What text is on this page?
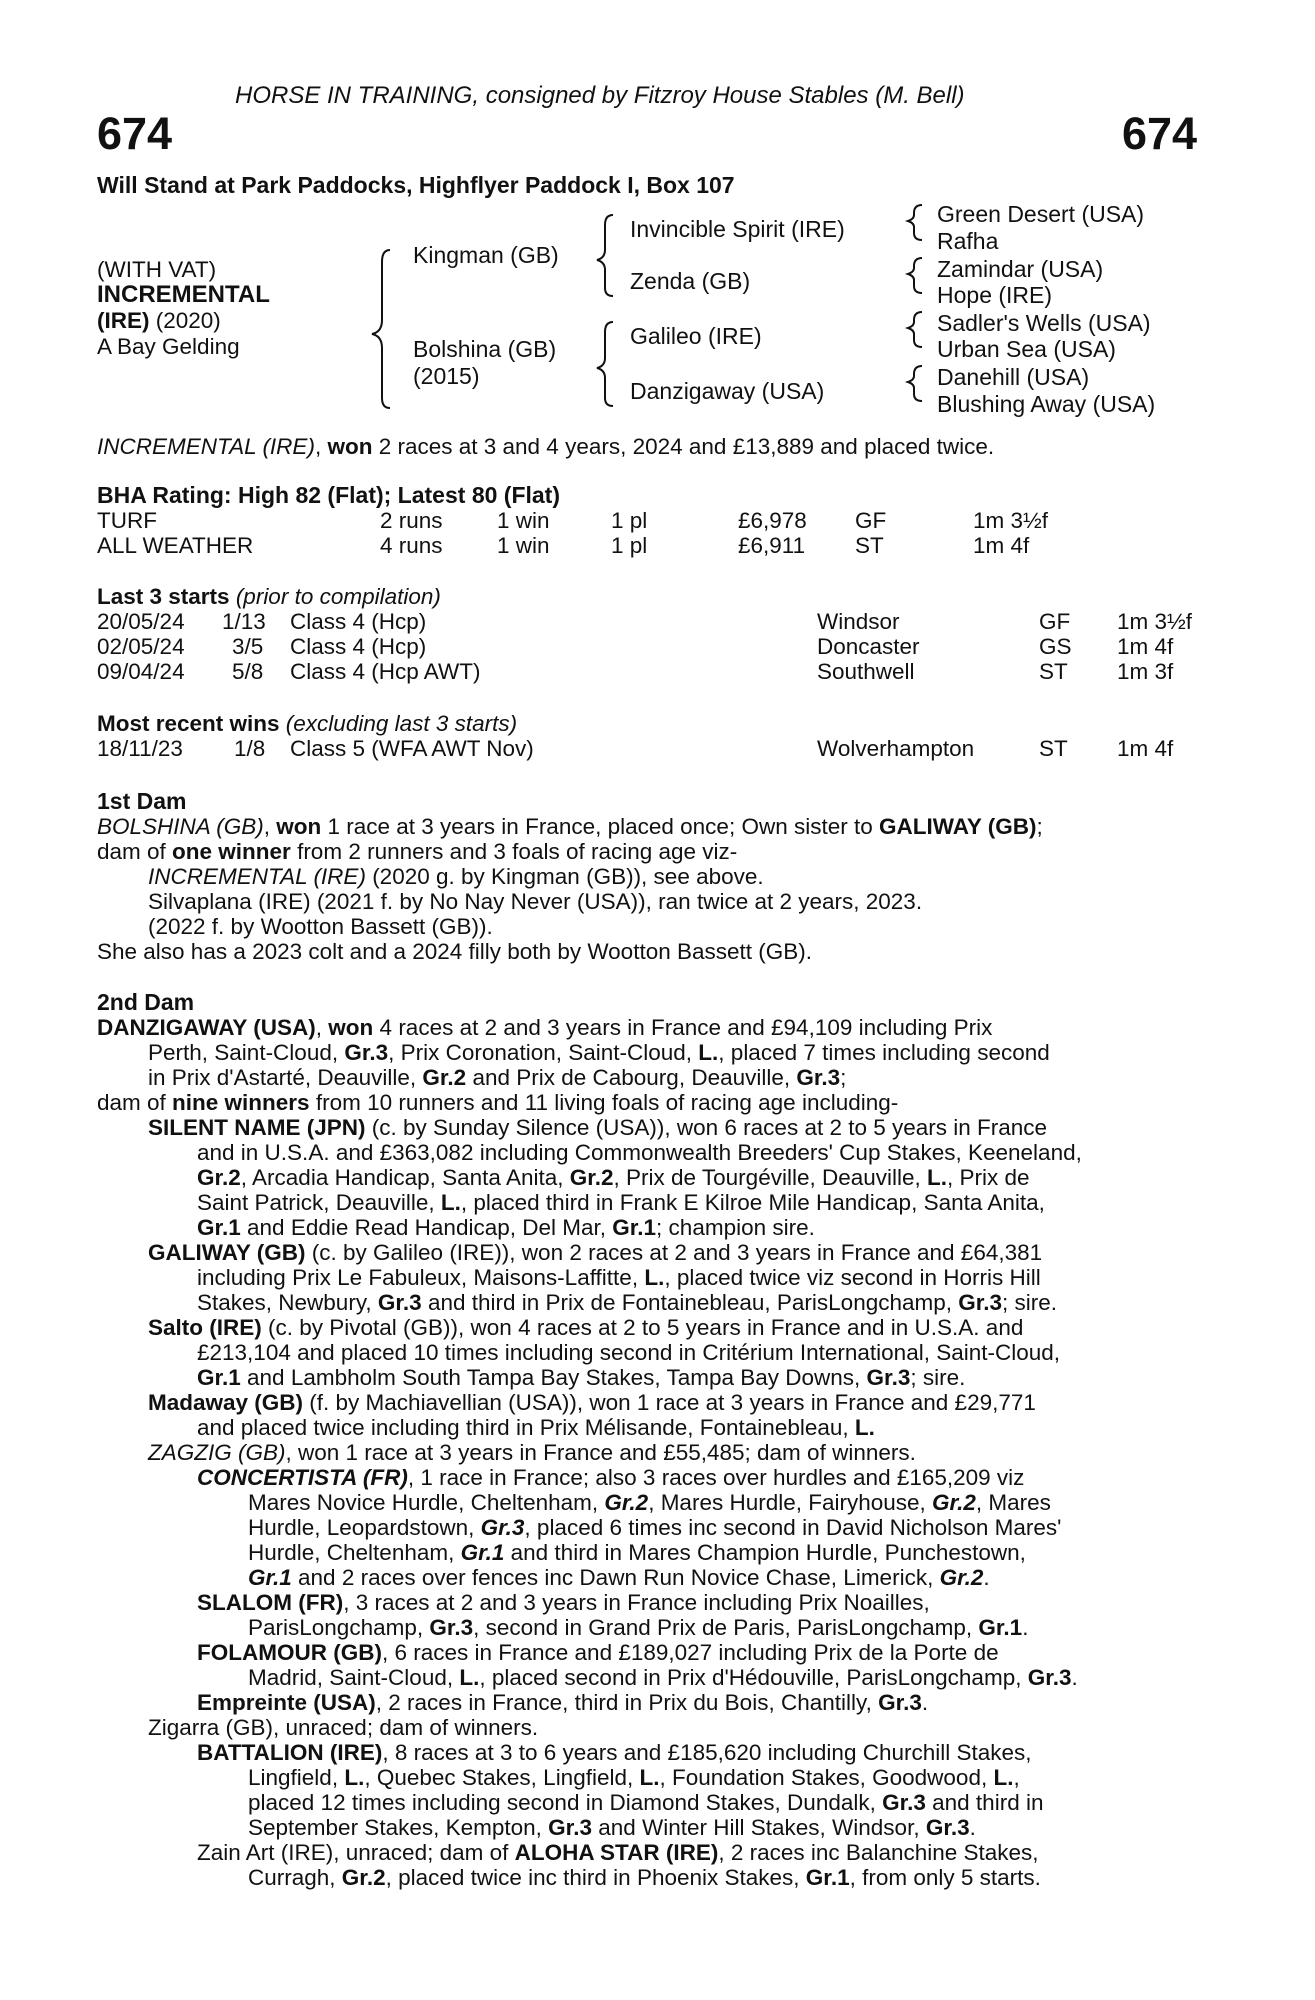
HORSE IN TRAINING, consigned by Fitzroy House Stables (M. Bell)
674	674
Will Stand at Park Paddocks, Highflyer Paddock I, Box 107
(WITH VAT)
INCREMENTAL
(IRE) (2020)
A Bay Gelding
Kingman (GB)
Bolshina (GB)
(2015)
Invincible Spirit (IRE)
Zenda (GB)
Galileo (IRE)
Danzigaway (USA)
Green Desert (USA)
Rafha
Zamindar (USA)
Hope (IRE)
Sadler's Wells (USA)
Urban Sea (USA)
Danehill (USA)
Blushing Away (USA)
INCREMENTAL (IRE), won 2 races at 3 and 4 years, 2024 and £13,889 and placed twice.
BHA Rating: High 82 (Flat); Latest 80 (Flat)
TURF	2 runs 1 win	1 pl	£6,978 GF	1m 3½f
ALL WEATHER	4 runs 1 win	1 pl	£6,911 ST	1m 4f
Last 3 starts (prior to compilation)
20/05/24 1/13 Class 4 (Hcp)	Windsor	GF 1m 3½f
02/05/24 3/5 Class 4 (Hcp)	Doncaster	GS 1m 4f
09/04/24 5/8 Class 4 (Hcp AWT)	Southwell	ST 1m 3f
Most recent wins (excluding last 3 starts)
18/11/23 1/8 Class 5 (WFA AWT Nov)	Wolverhampton	ST 1m 4f
1st Dam
BOLSHINA (GB), won 1 race at 3 years in France, placed once; Own sister to GALIWAY (GB);
dam of one winner from 2 runners and 3 foals of racing age viz-
INCREMENTAL (IRE) (2020 g. by Kingman (GB)), see above.
Silvaplana (IRE) (2021 f. by No Nay Never (USA)), ran twice at 2 years, 2023.
(2022 f. by Wootton Bassett (GB)).
She also has a 2023 colt and a 2024 filly both by Wootton Bassett (GB).
2nd Dam
DANZIGAWAY (USA), won 4 races at 2 and 3 years in France and £94,109 including Prix
Perth, Saint-Cloud, Gr.3, Prix Coronation, Saint-Cloud, L., placed 7 times including second
in Prix d'Astarté, Deauville, Gr.2 and Prix de Cabourg, Deauville, Gr.3;
dam of nine winners from 10 runners and 11 living foals of racing age including-
SILENT NAME (JPN) (c. by Sunday Silence (USA)), won 6 races at 2 to 5 years in France
and in U.S.A. and £363,082 including Commonwealth Breeders' Cup Stakes, Keeneland,
Gr.2, Arcadia Handicap, Santa Anita, Gr.2, Prix de Tourgéville, Deauville, L., Prix de
Saint Patrick, Deauville, L., placed third in Frank E Kilroe Mile Handicap, Santa Anita,
Gr.1 and Eddie Read Handicap, Del Mar, Gr.1; champion sire.
GALIWAY (GB) (c. by Galileo (IRE)), won 2 races at 2 and 3 years in France and £64,381
including Prix Le Fabuleux, Maisons-Laffitte, L., placed twice viz second in Horris Hill
Stakes, Newbury, Gr.3 and third in Prix de Fontainebleau, ParisLongchamp, Gr.3; sire.
Salto (IRE) (c. by Pivotal (GB)), won 4 races at 2 to 5 years in France and in U.S.A. and
£213,104 and placed 10 times including second in Critérium International, Saint-Cloud,
Gr.1 and Lambholm South Tampa Bay Stakes, Tampa Bay Downs, Gr.3; sire.
Madaway (GB) (f. by Machiavellian (USA)), won 1 race at 3 years in France and £29,771
and placed twice including third in Prix Mélisande, Fontainebleau, L.
ZAGZIG (GB), won 1 race at 3 years in France and £55,485; dam of winners.
CONCERTISTA (FR), 1 race in France; also 3 races over hurdles and £165,209 viz
Mares Novice Hurdle, Cheltenham, Gr.2, Mares Hurdle, Fairyhouse, Gr.2, Mares
Hurdle, Leopardstown, Gr.3, placed 6 times inc second in David Nicholson Mares'
Hurdle, Cheltenham, Gr.1 and third in Mares Champion Hurdle, Punchestown,
Gr.1 and 2 races over fences inc Dawn Run Novice Chase, Limerick, Gr.2.
SLALOM (FR), 3 races at 2 and 3 years in France including Prix Noailles,
ParisLongchamp, Gr.3, second in Grand Prix de Paris, ParisLongchamp, Gr.1.
FOLAMOUR (GB), 6 races in France and £189,027 including Prix de la Porte de
Madrid, Saint-Cloud, L., placed second in Prix d'Hédouville, ParisLongchamp, Gr.3.
Empreinte (USA), 2 races in France, third in Prix du Bois, Chantilly, Gr.3.
Zigarra (GB), unraced; dam of winners.
BATTALION (IRE), 8 races at 3 to 6 years and £185,620 including Churchill Stakes,
Lingfield, L., Quebec Stakes, Lingfield, L., Foundation Stakes, Goodwood, L.,
placed 12 times including second in Diamond Stakes, Dundalk, Gr.3 and third in
September Stakes, Kempton, Gr.3 and Winter Hill Stakes, Windsor, Gr.3.
Zain Art (IRE), unraced; dam of ALOHA STAR (IRE), 2 races inc Balanchine Stakes,
Curragh, Gr.2, placed twice inc third in Phoenix Stakes, Gr.1, from only 5 starts.
